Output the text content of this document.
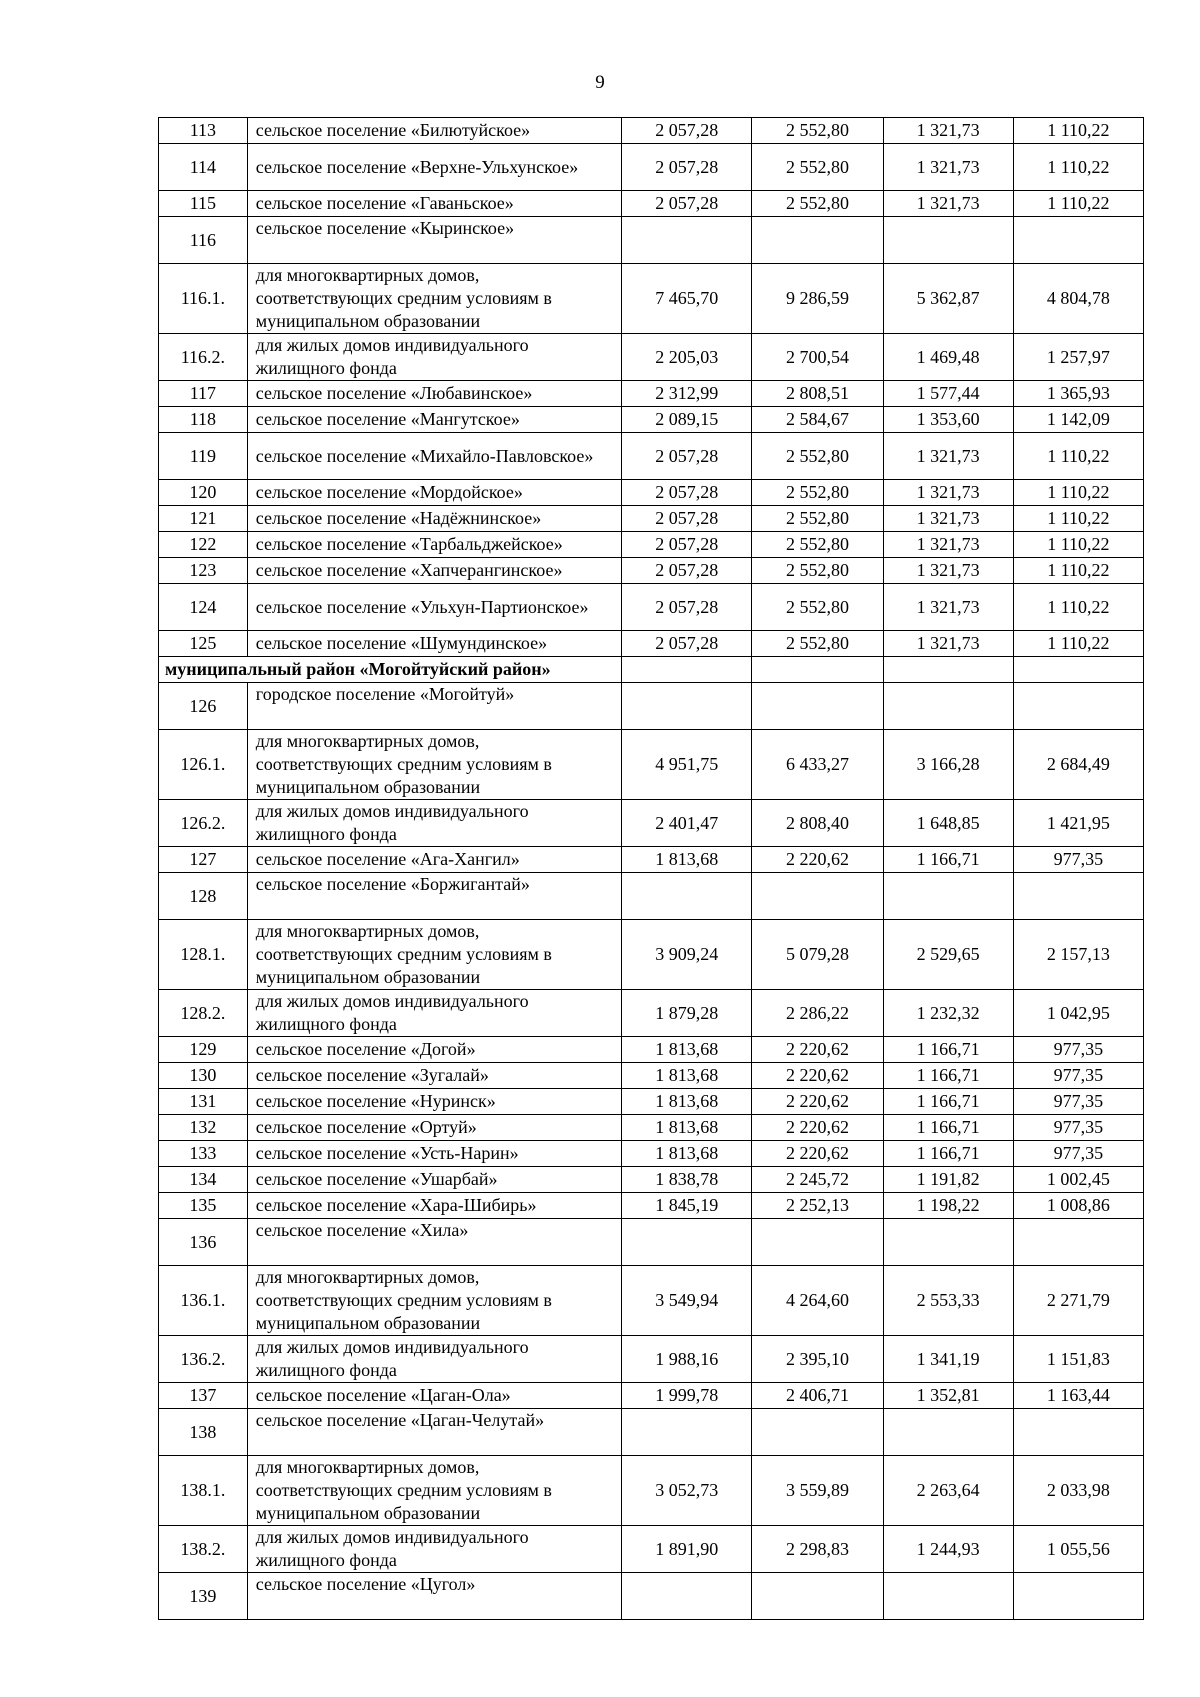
9
113	сельское поселение «Билютуйское»	2 057,28	2 552,80	1 321,73	1 110,22
114	сельское поселение «Верхне-Ульхунское»	2 057,28	2 552,80	1 321,73	1 110,22
115	сельское поселение «Гаваньское»	2 057,28	2 552,80	1 321,73	1 110,22
116	сельское поселение «Кыринское»				
116.1.	для многоквартирных домов, соответствующих средним условиям в муниципальном образовании	7 465,70	9 286,59	5 362,87	4 804,78
116.2.	для жилых домов индивидуального жилищного фонда	2 205,03	2 700,54	1 469,48	1 257,97
117	сельское поселение «Любавинское»	2 312,99	2 808,51	1 577,44	1 365,93
118	сельское поселение «Мангутское»	2 089,15	2 584,67	1 353,60	1 142,09
119	сельское поселение «Михайло-Павловское»	2 057,28	2 552,80	1 321,73	1 110,22
120	сельское поселение «Мордойское»	2 057,28	2 552,80	1 321,73	1 110,22
121	сельское поселение «Надёжнинское»	2 057,28	2 552,80	1 321,73	1 110,22
122	сельское поселение «Тарбальджейское»	2 057,28	2 552,80	1 321,73	1 110,22
123	сельское поселение «Хапчерангинское»	2 057,28	2 552,80	1 321,73	1 110,22
124	сельское поселение «Ульхун-Партионское»	2 057,28	2 552,80	1 321,73	1 110,22
125	сельское поселение «Шумундинское»	2 057,28	2 552,80	1 321,73	1 110,22
муниципальный район «Могойтуйский район»					
126	городское поселение «Могойтуй»				
126.1.	для многоквартирных домов, соответствующих средним условиям в муниципальном образовании	4 951,75	6 433,27	3 166,28	2 684,49
126.2.	для жилых домов индивидуального жилищного фонда	2 401,47	2 808,40	1 648,85	1 421,95
127	сельское поселение «Ага-Хангил»	1 813,68	2 220,62	1 166,71	977,35
128	сельское поселение «Боржигантай»				
128.1.	для многоквартирных домов, соответствующих средним условиям в муниципальном образовании	3 909,24	5 079,28	2 529,65	2 157,13
128.2.	для жилых домов индивидуального жилищного фонда	1 879,28	2 286,22	1 232,32	1 042,95
129	сельское поселение «Догой»	1 813,68	2 220,62	1 166,71	977,35
130	сельское поселение «Зугалай»	1 813,68	2 220,62	1 166,71	977,35
131	сельское поселение «Нуринск»	1 813,68	2 220,62	1 166,71	977,35
132	сельское поселение «Ортуй»	1 813,68	2 220,62	1 166,71	977,35
133	сельское поселение «Усть-Нарин»	1 813,68	2 220,62	1 166,71	977,35
134	сельское поселение «Ушарбай»	1 838,78	2 245,72	1 191,82	1 002,45
135	сельское поселение «Хара-Шибирь»	1 845,19	2 252,13	1 198,22	1 008,86
136	сельское поселение «Хила»				
136.1.	для многоквартирных домов, соответствующих средним условиям в муниципальном образовании	3 549,94	4 264,60	2 553,33	2 271,79
136.2.	для жилых домов индивидуального жилищного фонда	1 988,16	2 395,10	1 341,19	1 151,83
137	сельское поселение «Цаган-Ола»	1 999,78	2 406,71	1 352,81	1 163,44
138	сельское поселение «Цаган-Челутай»				
138.1.	для многоквартирных домов, соответствующих средним условиям в муниципальном образовании	3 052,73	3 559,89	2 263,64	2 033,98
138.2.	для жилых домов индивидуального жилищного фонда	1 891,90	2 298,83	1 244,93	1 055,56
139	сельское поселение «Цугол»				
